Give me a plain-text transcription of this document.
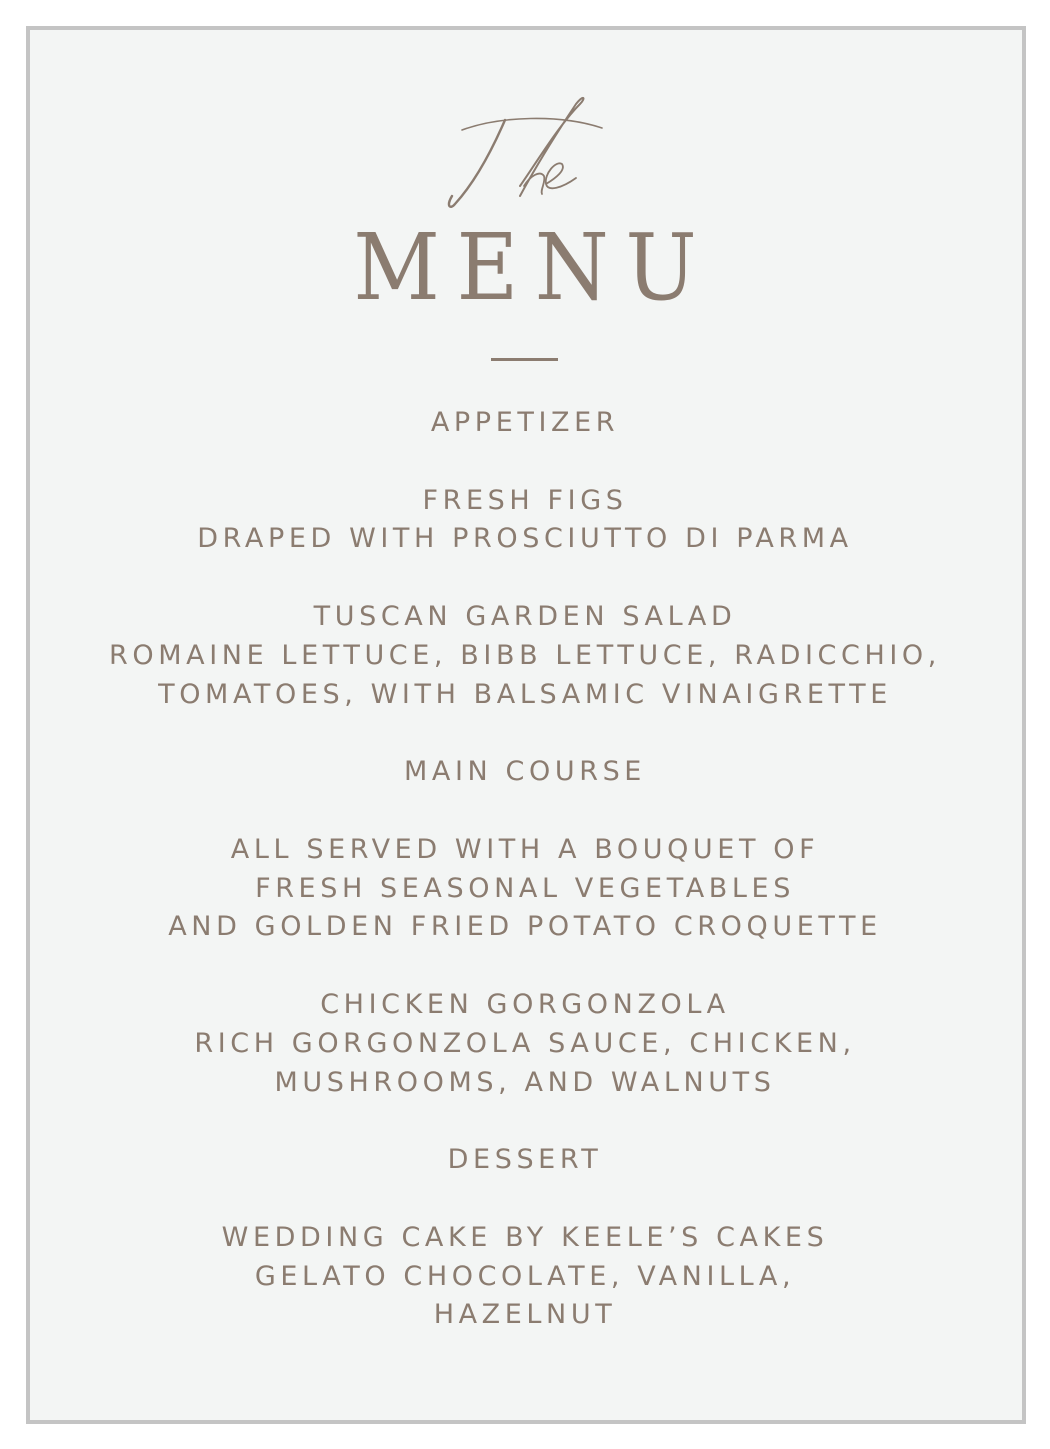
MENU
APPETIZER
FRESH FIGS
DRAPED WITH PROSCIUTTO DI PARMA
TUSCAN GARDEN SALAD
ROMAINE LETTUCE, BIBB LETTUCE, RADICCHIO,
TOMATOES, WITH BALSAMIC VINAIGRETTE
MAIN COURSE
ALL SERVED WITH A BOUQUET OF
FRESH SEASONAL VEGETABLES
AND GOLDEN FRIED POTATO CROQUETTE
CHICKEN GORGONZOLA
RICH GORGONZOLA SAUCE, CHICKEN,
MUSHROOMS, AND WALNUTS
DESSERT
WEDDING CAKE BY KEELE’S CAKES
GELATO CHOCOLATE, VANILLA,
HAZELNUT
